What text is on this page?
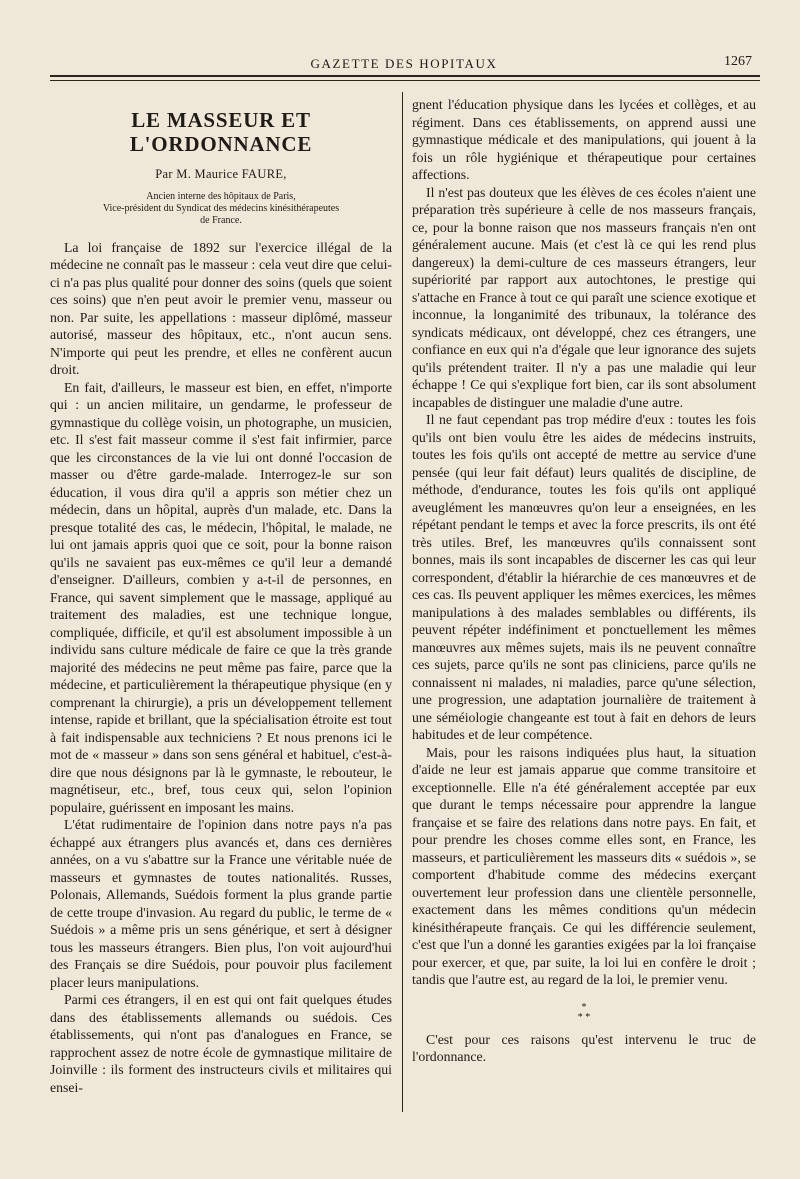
GAZETTE DES HOPITAUX	1267
LE MASSEUR ET L'ORDONNANCE
Par M. Maurice FAURE,
Ancien interne des hôpitaux de Paris,
Vice-président du Syndicat des médecins kinésithérapeutes
de France.

La loi française de 1892 sur l'exercice illégal de la médecine ne connaît pas le masseur : cela veut dire que celui-ci n'a pas plus qualité pour donner des soins (quels que soient ces soins) que n'en peut avoir le premier venu, masseur ou non. Par suite, les appellations : masseur diplômé, masseur autorisé, masseur des hôpitaux, etc., n'ont aucun sens. N'importe qui peut les prendre, et elles ne confèrent aucun droit.

En fait, d'ailleurs, le masseur est bien, en effet, n'importe qui : un ancien militaire, un gendarme, le professeur de gymnastique du collège voisin, un photographe, un musicien, etc. Il s'est fait masseur comme il s'est fait infirmier, parce que les circonstances de la vie lui ont donné l'occasion de masser ou d'être garde-malade. Interrogez-le sur son éducation, il vous dira qu'il a appris son métier chez un médecin, dans un hôpital, auprès d'un malade, etc. Dans la presque totalité des cas, le médecin, l'hôpital, le malade, ne lui ont jamais appris quoi que ce soit, pour la bonne raison qu'ils ne savaient pas eux-mêmes ce qu'il leur a demandé d'enseigner. D'ailleurs, combien y a-t-il de personnes, en France, qui savent simplement que le massage, appliqué au traitement des maladies, est une technique longue, compliquée, difficile, et qu'il est absolument impossible à un individu sans culture médicale de faire ce que la très grande majorité des médecins ne peut même pas faire, parce que la médecine, et particulièrement la thérapeutique physique (en y comprenant la chirurgie), a pris un développement tellement intense, rapide et brillant, que la spécialisation étroite est tout à fait indispensable aux techniciens ? Et nous prenons ici le mot de « masseur » dans son sens général et habituel, c'est-à-dire que nous désignons par là le gymnaste, le rebouteur, le magnétiseur, etc., bref, tous ceux qui, selon l'opinion populaire, guérissent en imposant les mains.

L'état rudimentaire de l'opinion dans notre pays n'a pas échappé aux étrangers plus avancés et, dans ces dernières années, on a vu s'abattre sur la France une véritable nuée de masseurs et gymnastes de toutes nationalités. Russes, Polonais, Allemands, Suédois forment la plus grande partie de cette troupe d'invasion. Au regard du public, le terme de « Suédois » a même pris un sens générique, et sert à désigner tous les masseurs étrangers. Bien plus, l'on voit aujourd'hui des Français se dire Suédois, pour pouvoir plus facilement placer leurs manipulations.

Parmi ces étrangers, il en est qui ont fait quelques études dans des établissements allemands ou suédois. Ces établissements, qui n'ont pas d'analogues en France, se rapprochent assez de notre école de gymnastique militaire de Joinville : ils forment des instructeurs civils et militaires qui ensei-

gnent l'éducation physique dans les lycées et collèges, et au régiment. Dans ces établissements, on apprend aussi une gymnastique médicale et des manipulations, qui jouent à la fois un rôle hygiénique et thérapeutique pour certaines affections.

Il n'est pas douteux que les élèves de ces écoles n'aient une préparation très supérieure à celle de nos masseurs français, ce, pour la bonne raison que nos masseurs français n'en ont généralement aucune. Mais (et c'est là ce qui les rend plus dangereux) la demi-culture de ces masseurs étrangers, leur supériorité par rapport aux autochtones, le prestige qui s'attache en France à tout ce qui paraît une science exotique et inconnue, la longanimité des tribunaux, la tolérance des syndicats médicaux, ont développé, chez ces étrangers, une confiance en eux qui n'a d'égale que leur ignorance des sujets qu'ils prétendent traiter. Il n'y a pas une maladie qui leur échappe ! Ce qui s'explique fort bien, car ils sont absolument incapables de distinguer une maladie d'une autre.

Il ne faut cependant pas trop médire d'eux : toutes les fois qu'ils ont bien voulu être les aides de médecins instruits, toutes les fois qu'ils ont accepté de mettre au service d'une pensée (qui leur fait défaut) leurs qualités de discipline, de méthode, d'endurance, toutes les fois qu'ils ont appliqué aveuglément les manœuvres qu'on leur a enseignées, en les répétant pendant le temps et avec la force prescrits, ils ont été très utiles. Bref, les manœuvres qu'ils connaissent sont bonnes, mais ils sont incapables de discerner les cas qui leur correspondent, d'établir la hiérarchie de ces manœuvres et de ces cas. Ils peuvent appliquer les mêmes exercices, les mêmes manipulations à des malades semblables ou différents, ils peuvent répéter indéfiniment et ponctuellement les mêmes manœuvres aux mêmes sujets, mais ils ne peuvent connaître ces sujets, parce qu'ils ne sont pas cliniciens, parce qu'ils ne connaissent ni malades, ni maladies, parce qu'une sélection, une progression, une adaptation journalière de traitement à une séméiologie changeante est tout à fait en dehors de leurs habitudes et de leur compétence.

Mais, pour les raisons indiquées plus haut, la situation d'aide ne leur est jamais apparue que comme transitoire et exceptionnelle. Elle n'a été généralement acceptée par eux que durant le temps nécessaire pour apprendre la langue française et se faire des relations dans notre pays. En fait, et pour prendre les choses comme elles sont, en France, les masseurs, et particulièrement les masseurs dits « suédois », se comportent d'habitude comme des médecins exerçant ouvertement leur profession dans une clientèle personnelle, exactement dans les mêmes conditions qu'un médecin kinésithérapeute français. Ce qui les différencie seulement, c'est que l'un a donné les garanties exigées par la loi française pour exercer, et que, par suite, la loi lui en confère le droit ; tandis que l'autre est, au regard de la loi, le premier venu.

*
* *

C'est pour ces raisons qu'est intervenu le truc de l'ordonnance.
